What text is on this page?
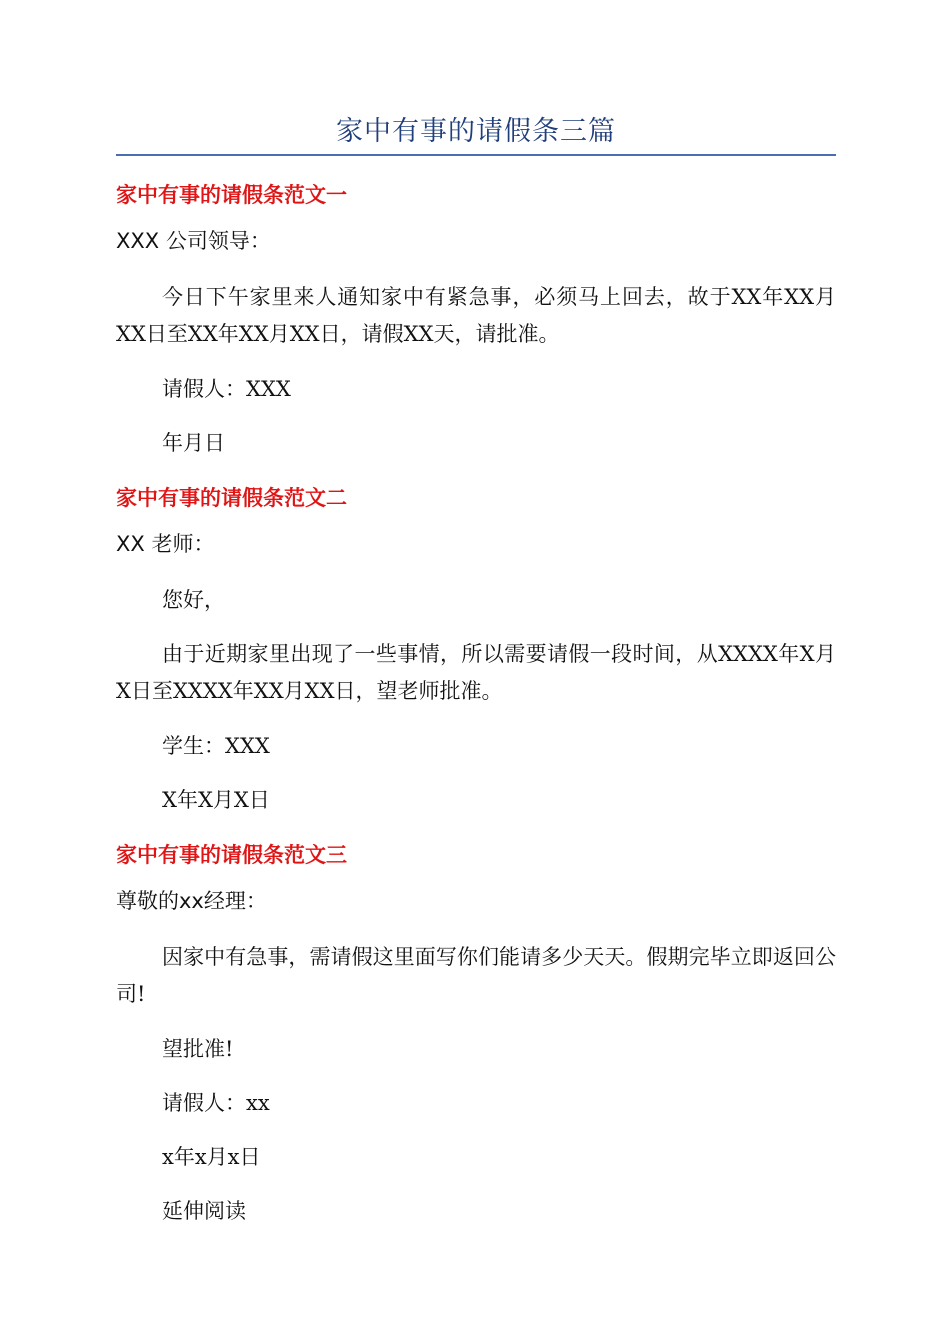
家中有事的请假条三篇
家中有事的请假条范文一
XXX 公司领导：
今日下午家里来人通知家中有紧急事，必须马上回去，故于XX年XX月XX日至XX年XX月XX日，请假XX天，请批准。
请假人：XXX
年月日
家中有事的请假条范文二
XX 老师：
您好，
由于近期家里出现了一些事情，所以需要请假一段时间，从XXXX年X月X日至XXXX年XX月XX日，望老师批准。
学生：XXX
X年X月X日
家中有事的请假条范文三
尊敬的xx经理：
因家中有急事，需请假这里面写你们能请多少天天。假期完毕立即返回公司!
望批准!
请假人：xx
x年x月x日
延伸阅读
